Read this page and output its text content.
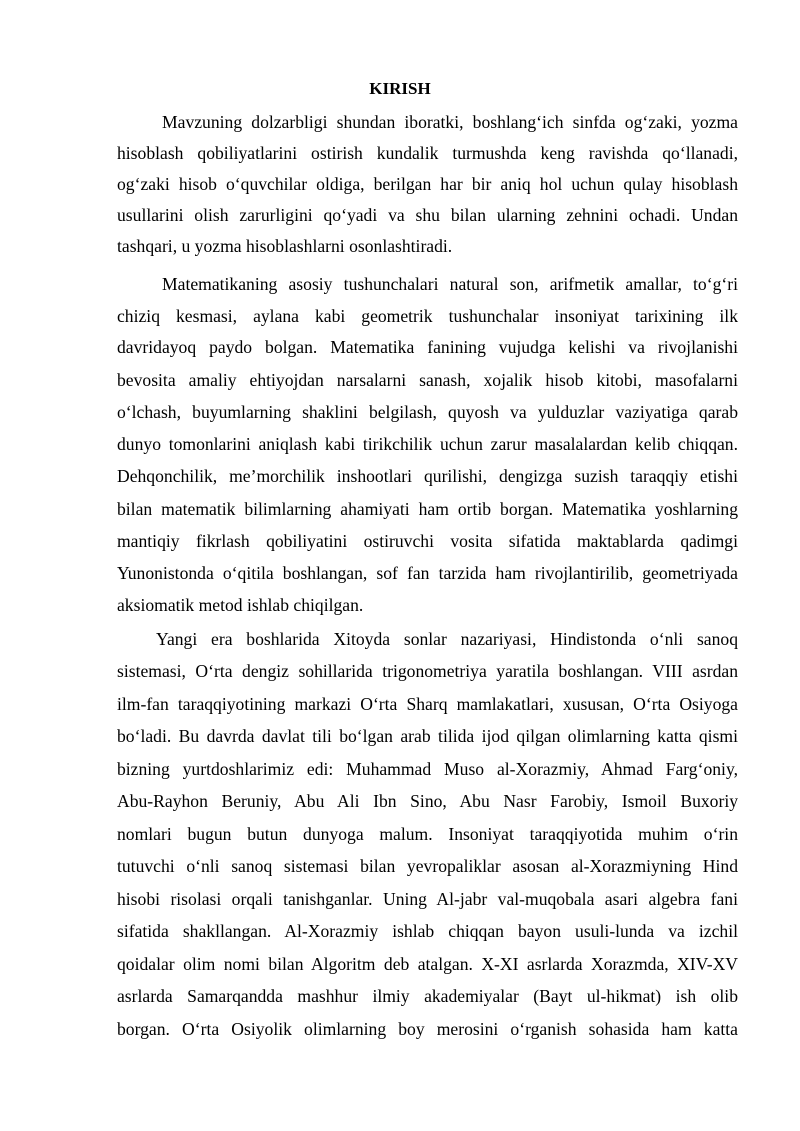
KIRISH

Mavzuning dolzarbligi shundan iboratki, boshlang‘ich sinfda og‘zaki, yozma

hisoblash qobiliyatlarini ostirish kundalik turmushda keng ravishda qo‘llanadi,

og‘zaki hisob o‘quvchilar oldiga, berilgan har bir aniq hol uchun qulay hisoblash

usullarini olish zarurligini qo‘yadi va shu bilan ularning zehnini ochadi. Undan

tashqari, u yozma hisoblashlarni osonlashtiradi.

Matematikaning asosiy tushunchalari natural son, arifmetik amallar, to‘g‘ri

chiziq kesmasi, aylana kabi geometrik tushunchalar insoniyat tarixining ilk

davridayoq paydo bolgan. Matematika fanining vujudga kelishi va rivojlanishi

bevosita amaliy ehtiyojdan narsalarni sanash, xojalik hisob kitobi, masofalarni

o‘lchash, buyumlarning shaklini belgilash, quyosh va yulduzlar vaziyatiga qarab

dunyo tomonlarini aniqlash kabi tirikchilik uchun zarur masalalardan kelib chiqqan.

Dehqonchilik, me’morchilik inshootlari qurilishi, dengizga suzish taraqqiy etishi

bilan matematik bilimlarning ahamiyati ham ortib borgan. Matematika yoshlarning

mantiqiy fikrlash qobiliyatini ostiruvchi vosita sifatida maktablarda qadimgi

Yunonistonda o‘qitila boshlangan, sof fan tarzida ham rivojlantirilib, geometriyada

aksiomatik metod ishlab chiqilgan.

Yangi era boshlarida Xitoyda sonlar nazariyasi, Hindistonda o‘nli sanoq

sistemasi, O‘rta dengiz sohillarida trigonometriya yaratila boshlangan. VIII asrdan

ilm-fan taraqqiyotining markazi O‘rta Sharq mamlakatlari, xususan, O‘rta Osiyoga

bo‘ladi. Bu davrda davlat tili bo‘lgan arab tilida ijod qilgan olimlarning katta qismi

bizning yurtdoshlarimiz edi: Muhammad Muso al-Xorazmiy, Ahmad Farg‘oniy,

Abu-Rayhon Beruniy, Abu Ali Ibn Sino, Abu Nasr Farobiy, Ismoil Buxoriy

nomlari bugun butun dunyoga malum. Insoniyat taraqqiyotida muhim o‘rin

tutuvchi o‘nli sanoq sistemasi bilan yevropaliklar asosan al-Xorazmiyning Hind

hisobi risolasi orqali tanishganlar. Uning Al-jabr val-muqobala asari algebra fani

sifatida shakllangan. Al-Xorazmiy ishlab chiqqan bayon usuli-lunda va izchil

qoidalar olim nomi bilan Algoritm deb atalgan. X-XI asrlarda Xorazmda, XIV-XV

asrlarda Samarqandda mashhur ilmiy akademiyalar (Bayt ul-hikmat) ish olib

borgan. O‘rta Osiyolik olimlarning boy merosini o‘rganish sohasida ham katta
